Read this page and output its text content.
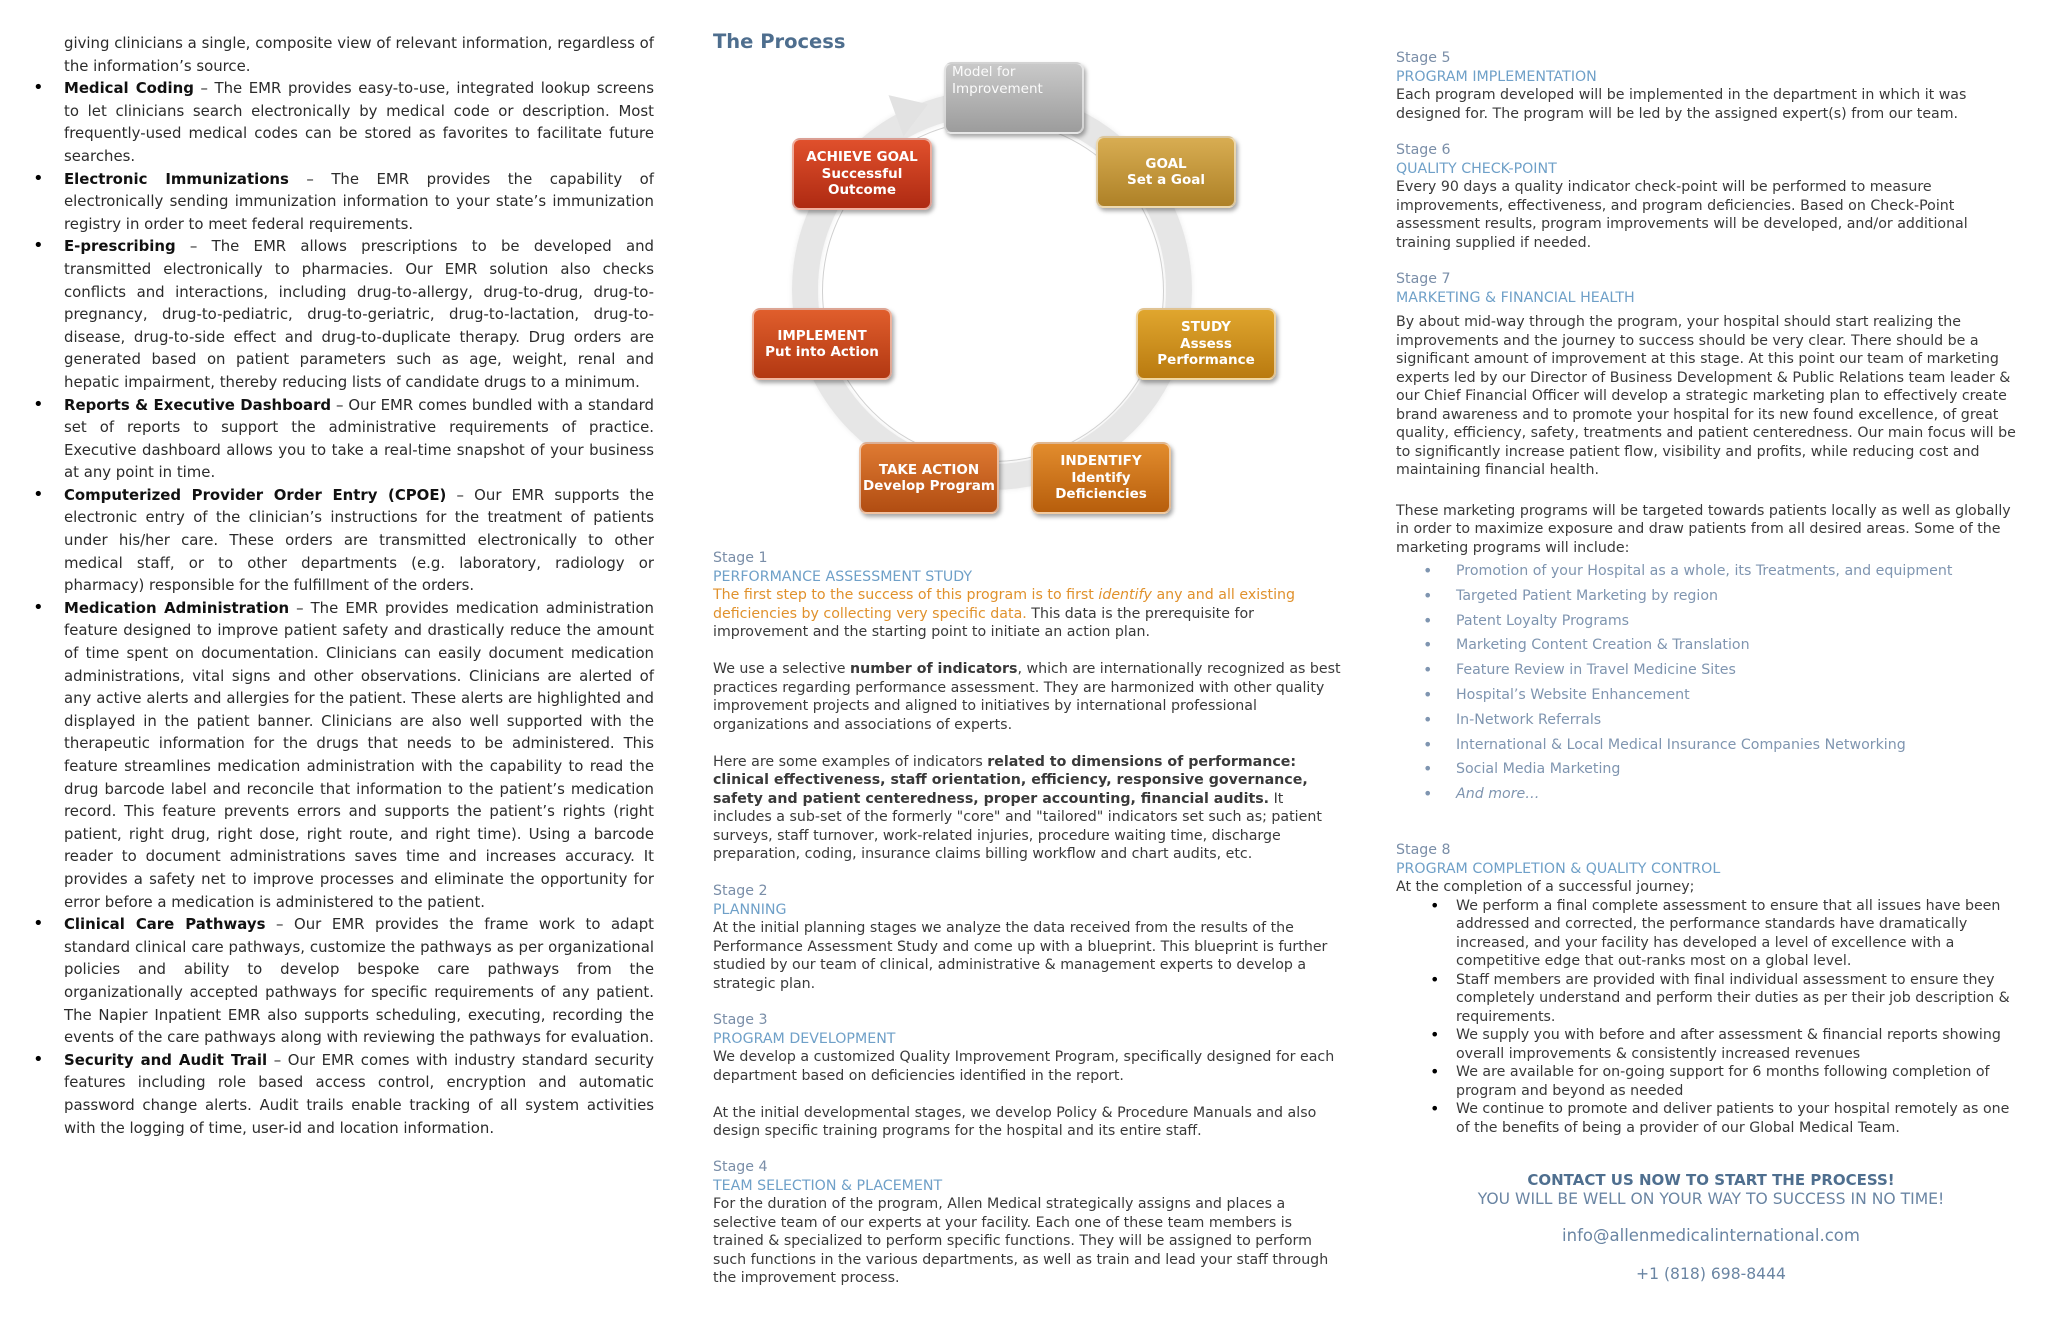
giving clinicians a single, composite view of relevant information, regardless of the information’s source.

• Medical Coding – The EMR provides easy-to-use, integrated lookup screens to let clinicians search electronically by medical code or description. Most frequently-used medical codes can be stored as favorites to facilitate future searches.
• Electronic Immunizations – The EMR provides the capability of electronically sending immunization information to your state’s immunization registry in order to meet federal requirements.
• E-prescribing – The EMR allows prescriptions to be developed and transmitted electronically to pharmacies. Our EMR solution also checks conflicts and interactions, including drug-to-allergy, drug-to-drug, drug-to-pregnancy, drug-to-pediatric, drug-to-geriatric, drug-to-lactation, drug-to-disease, drug-to-side effect and drug-to-duplicate therapy. Drug orders are generated based on patient parameters such as age, weight, renal and hepatic impairment, thereby reducing lists of candidate drugs to a minimum.
• Reports & Executive Dashboard – Our EMR comes bundled with a standard set of reports to support the administrative requirements of practice. Executive dashboard allows you to take a real-time snapshot of your business at any point in time.
• Computerized Provider Order Entry (CPOE) – Our EMR supports the electronic entry of the clinician’s instructions for the treatment of patients under his/her care. These orders are transmitted electronically to other medical staff, or to other departments (e.g. laboratory, radiology or pharmacy) responsible for the fulfillment of the orders.
• Medication Administration – The EMR provides medication administration feature designed to improve patient safety and drastically reduce the amount of time spent on documentation. Clinicians can easily document medication administrations, vital signs and other observations. Clinicians are alerted of any active alerts and allergies for the patient. These alerts are highlighted and displayed in the patient banner. Clinicians are also well supported with the therapeutic information for the drugs that needs to be administered. This feature streamlines medication administration with the capability to read the drug barcode label and reconcile that information to the patient’s medication record. This feature prevents errors and supports the patient’s rights (right patient, right drug, right dose, right route, and right time). Using a barcode reader to document administrations saves time and increases accuracy. It provides a safety net to improve processes and eliminate the opportunity for error before a medication is administered to the patient.
• Clinical Care Pathways – Our EMR provides the frame work to adapt standard clinical care pathways, customize the pathways as per organizational policies and ability to develop bespoke care pathways from the organizationally accepted pathways for specific requirements of any patient. The Napier Inpatient EMR also supports scheduling, executing, recording the events of the care pathways along with reviewing the pathways for evaluation.
• Security and Audit Trail – Our EMR comes with industry standard security features including role based access control, encryption and automatic password change alerts. Audit trails enable tracking of all system activities with the logging of time, user-id and location information.
The Process
Model for
Improvement
GOAL
Set a Goal
STUDY
Assess
Performance
INDENTIFY
Identify
Deficiencies
TAKE ACTION
Develop Program
IMPLEMENT
Put into Action
ACHIEVE GOAL
Successful
Outcome

Stage 1

PERFORMANCE ASSESSMENT STUDY

The first step to the success of this program is to first identify any and all existing deficiencies by collecting very specific data. This data is the prerequisite for improvement and the starting point to initiate an action plan.

We use a selective number of indicators, which are internationally recognized as best practices regarding performance assessment. They are harmonized with other quality improvement projects and aligned to initiatives by international professional organizations and associations of experts.

Here are some examples of indicators related to dimensions of performance: clinical effectiveness, staff orientation, efficiency, responsive governance, safety and patient centeredness, proper accounting, financial audits. It includes a sub-set of the formerly "core" and "tailored" indicators set such as; patient surveys, staff turnover, work-related injuries, procedure waiting time, discharge preparation, coding, insurance claims billing workflow and chart audits, etc.

Stage 2

PLANNING

At the initial planning stages we analyze the data received from the results of the Performance Assessment Study and come up with a blueprint. This blueprint is further studied by our team of clinical, administrative & management experts to develop a strategic plan.

Stage 3

PROGRAM DEVELOPMENT

We develop a customized Quality Improvement Program, specifically designed for each department based on deficiencies identified in the report.

At the initial developmental stages, we develop Policy & Procedure Manuals and also design specific training programs for the hospital and its entire staff.

Stage 4

TEAM SELECTION & PLACEMENT

For the duration of the program, Allen Medical strategically assigns and places a selective team of our experts at your facility. Each one of these team members is trained & specialized to perform specific functions. They will be assigned to perform such functions in the various departments, as well as train and lead your staff through the improvement process.

Stage 5

PROGRAM IMPLEMENTATION

Each program developed will be implemented in the department in which it was designed for. The program will be led by the assigned expert(s) from our team.

Stage 6

QUALITY CHECK-POINT

Every 90 days a quality indicator check-point will be performed to measure improvements, effectiveness, and program deficiencies. Based on Check-Point assessment results, program improvements will be developed, and/or additional training supplied if needed.

Stage 7

MARKETING & FINANCIAL HEALTH

By about mid-way through the program, your hospital should start realizing the improvements and the journey to success should be very clear. There should be a significant amount of improvement at this stage. At this point our team of marketing experts led by our Director of Business Development & Public Relations team leader & our Chief Financial Officer will develop a strategic marketing plan to effectively create brand awareness and to promote your hospital for its new found excellence, of great quality, efficiency, safety, treatments and patient centeredness. Our main focus will be to significantly increase patient flow, visibility and profits, while reducing cost and maintaining financial health.

These marketing programs will be targeted towards patients locally as well as globally in order to maximize exposure and draw patients from all desired areas. Some of the marketing programs will include:

• Promotion of your Hospital as a whole, its Treatments, and equipment
• Targeted Patient Marketing by region
• Patent Loyalty Programs
• Marketing Content Creation & Translation
• Feature Review in Travel Medicine Sites
• Hospital’s Website Enhancement
• In-Network Referrals
• International & Local Medical Insurance Companies Networking
• Social Media Marketing
• And more…

Stage 8

PROGRAM COMPLETION & QUALITY CONTROL

At the completion of a successful journey;

• We perform a final complete assessment to ensure that all issues have been addressed and corrected, the performance standards have dramatically increased, and your facility has developed a level of excellence with a competitive edge that out-ranks most on a global level.
• Staff members are provided with final individual assessment to ensure they completely understand and perform their duties as per their job description & requirements.
• We supply you with before and after assessment & financial reports showing overall improvements & consistently increased revenues
• We are available for on-going support for 6 months following completion of program and beyond as needed
• We continue to promote and deliver patients to your hospital remotely as one of the benefits of being a provider of our Global Medical Team.
CONTACT US NOW TO START THE PROCESS!
YOU WILL BE WELL ON YOUR WAY TO SUCCESS IN NO TIME!
info@allenmedicalinternational.com
+1 (818) 698-8444
